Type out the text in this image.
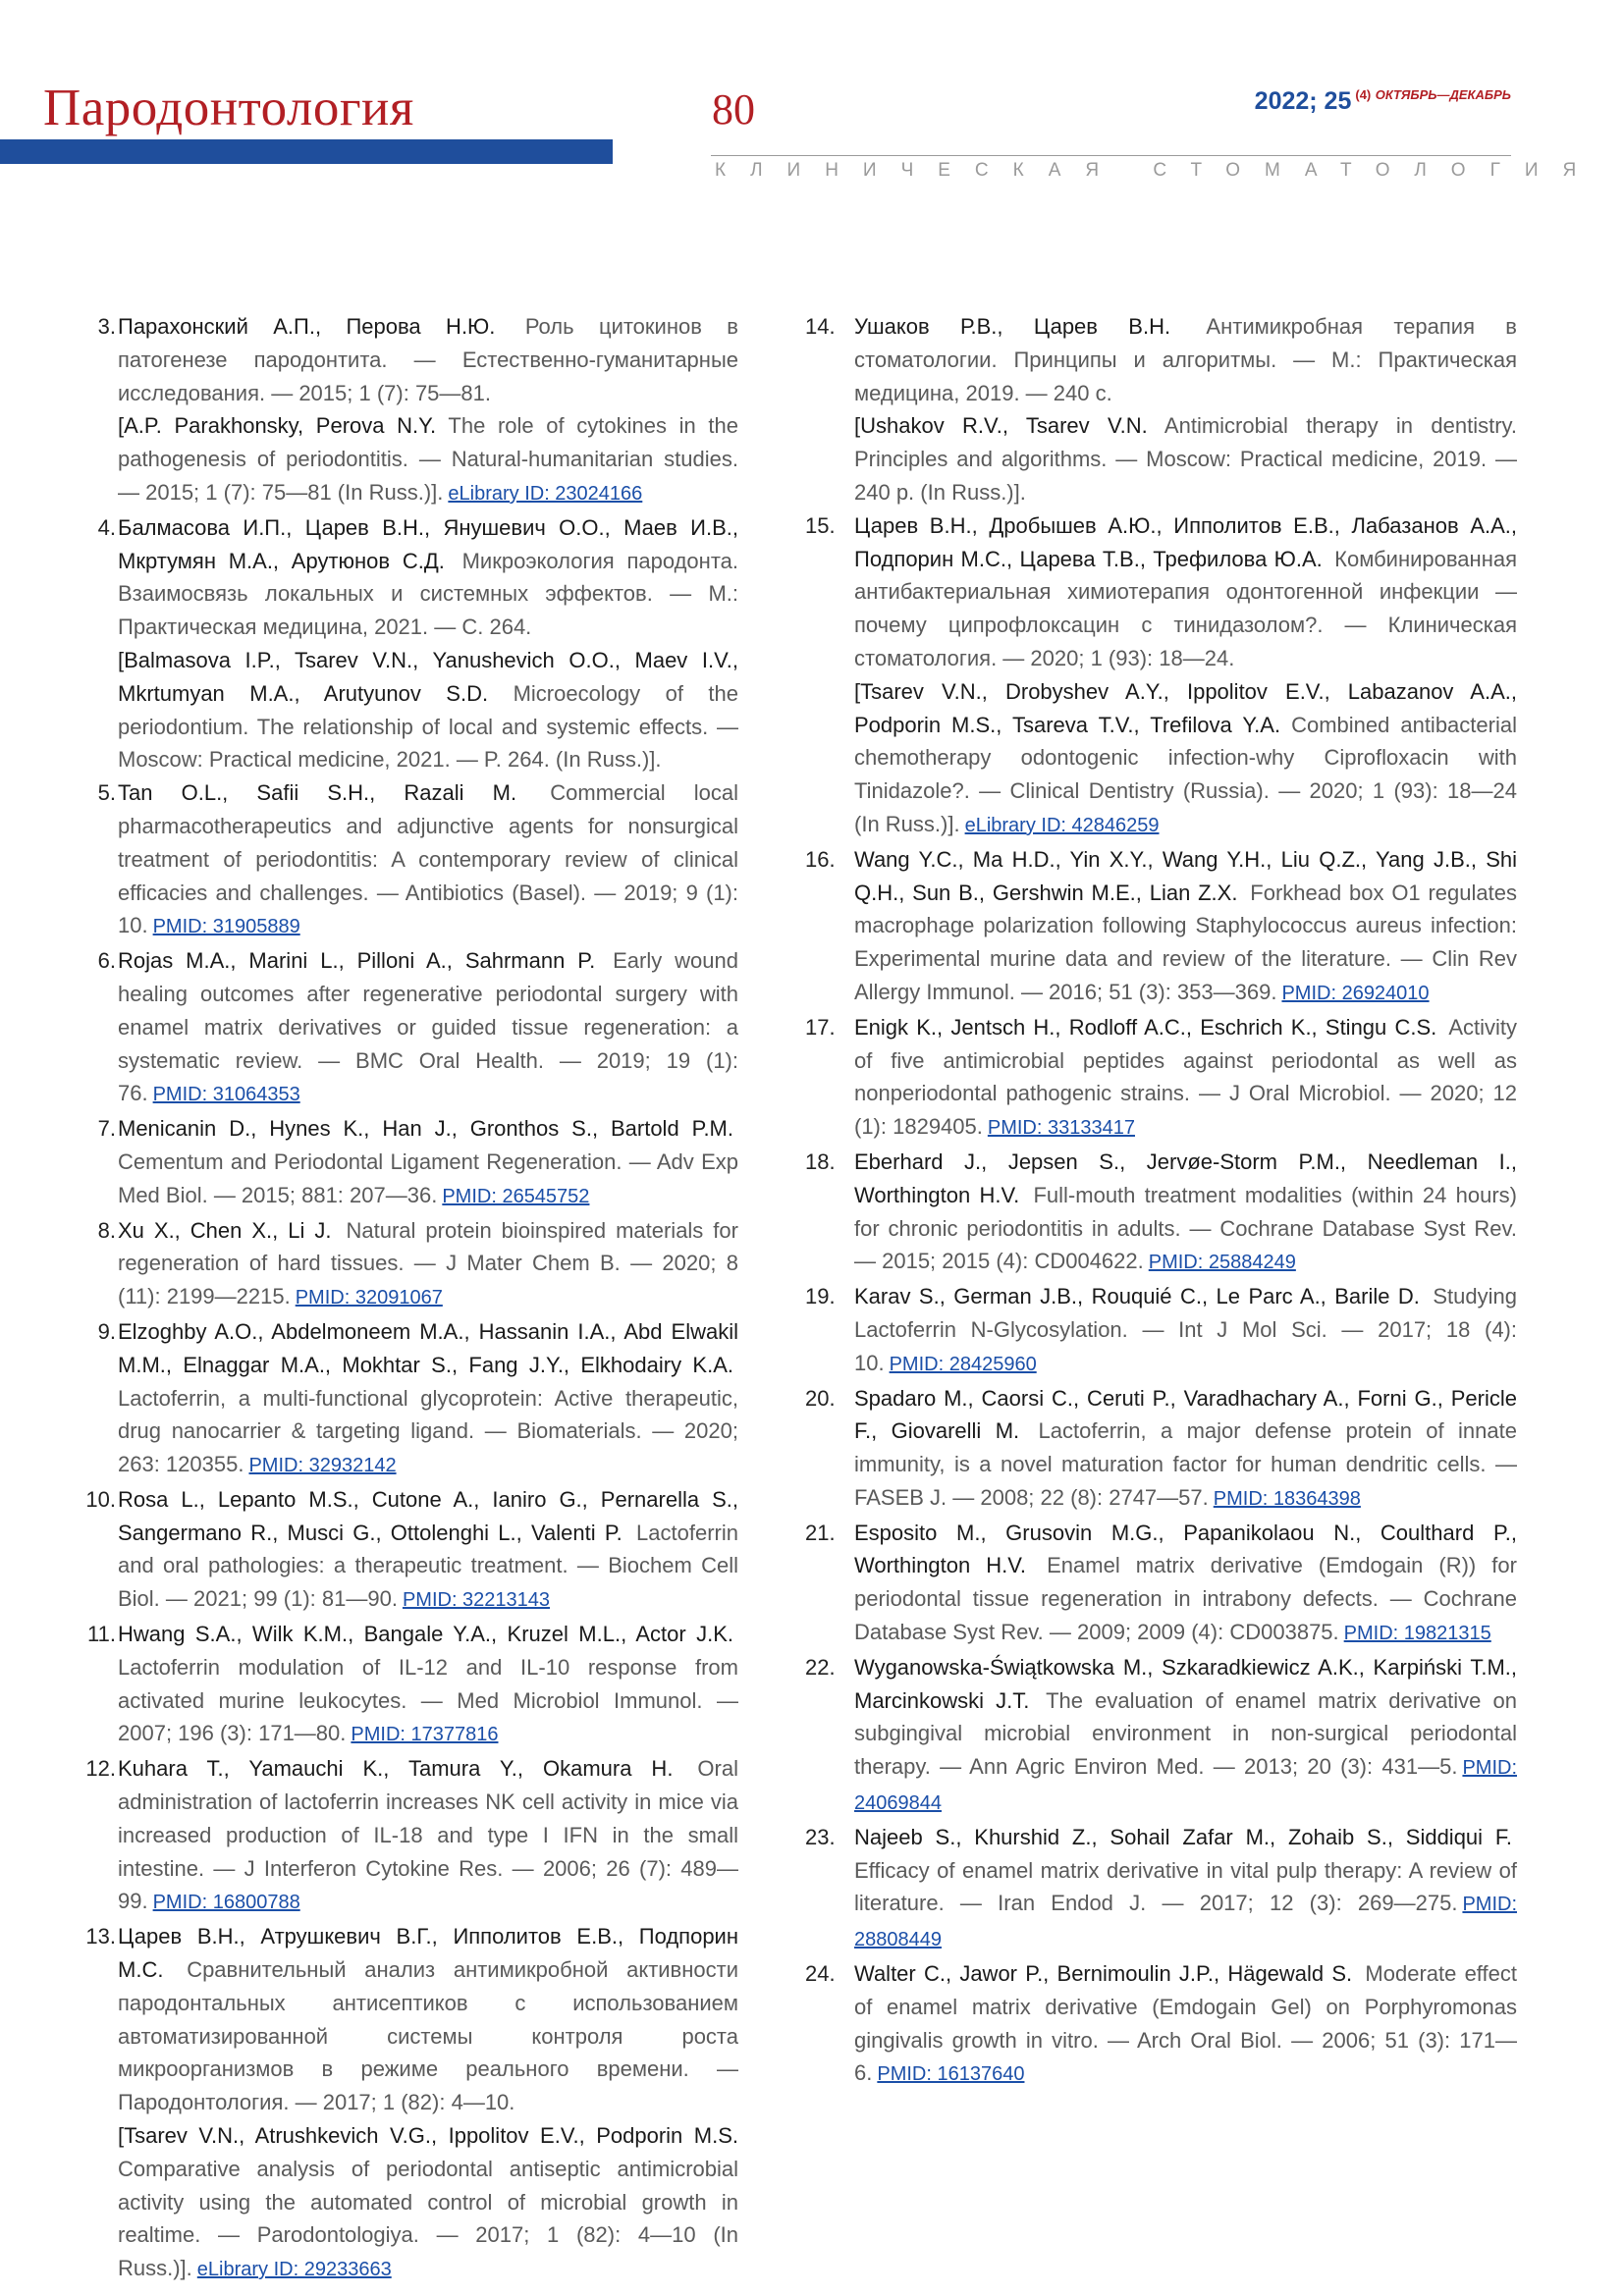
Пародонтология	80	2022; 25 $^{(4)}$ $^{ОКТЯБРЬ—ДЕКАБРЬ}$
КЛИНИЧЕСКАЯ СТОМАТОЛОГИЯ

3. Парахонский А.П., Перова Н.Ю. Роль цитокинов в патогенезе пародонтита. — Естественно-гуманитарные исследования. — 2015; 1 (7): 75—81.
[A.P. Parakhonsky, Perova N.Y. The role of cytokines in the pathogenesis of periodontitis. — Natural-humanitarian studies. — 2015; 1 (7): 75—81 (In Russ.)]. eLibrary ID: 23024166

4. Балмасова И.П., Царев В.Н., Янушевич О.О., Маев И.В., Мкртумян М.А., Арутюнов С.Д. Микроэкология пародонта. Взаимосвязь локальных и системных эффектов. — М.: Практическая медицина, 2021. — С. 264.
[Balmasova I.P., Tsarev V.N., Yanushevich O.O., Maev I.V., Mkrtumyan M.A., Arutyunov S.D. Microecology of the periodontium. The relationship of local and systemic effects. — Moscow: Practical medicine, 2021. — P. 264. (In Russ.)].

5. Tan O.L., Safii S.H., Razali M. Commercial local pharmacotherapeutics and adjunctive agents for nonsurgical treatment of periodontitis: A contemporary review of clinical efficacies and challenges. — Antibiotics (Basel). — 2019; 9 (1): 10. PMID: 31905889

6. Rojas M.A., Marini L., Pilloni A., Sahrmann P. Early wound healing outcomes after regenerative periodontal surgery with enamel matrix derivatives or guided tissue regeneration: a systematic review. — BMC Oral Health. — 2019; 19 (1): 76. PMID: 31064353

7. Menicanin D., Hynes K., Han J., Gronthos S., Bartold P.M. Cementum and Periodontal Ligament Regeneration. — Adv Exp Med Biol. — 2015; 881: 207—36. PMID: 26545752

8. Xu X., Chen X., Li J. Natural protein bioinspired materials for regeneration of hard tissues. — J Mater Chem B. — 2020; 8 (11): 2199—2215. PMID: 32091067

9. Elzoghby A.O., Abdelmoneem M.A., Hassanin I.A., Abd Elwakil M.M., Elnaggar M.A., Mokhtar S., Fang J.Y., Elkhodairy K.A. Lactoferrin, a multi-functional glycoprotein: Active therapeutic, drug nanocarrier & targeting ligand. — Biomaterials. — 2020; 263: 120355. PMID: 32932142

10. Rosa L., Lepanto M.S., Cutone A., Ianiro G., Pernarella S., Sangermano R., Musci G., Ottolenghi L., Valenti P. Lactoferrin and oral pathologies: a therapeutic treatment. — Biochem Cell Biol. — 2021; 99 (1): 81—90. PMID: 32213143

11. Hwang S.A., Wilk K.M., Bangale Y.A., Kruzel M.L., Actor J.K. Lactoferrin modulation of IL-12 and IL-10 response from activated murine leukocytes. — Med Microbiol Immunol. — 2007; 196 (3): 171—80. PMID: 17377816

12. Kuhara T., Yamauchi K., Tamura Y., Okamura H. Oral administration of lactoferrin increases NK cell activity in mice via increased production of IL-18 and type I IFN in the small intestine. — J Interferon Cytokine Res. — 2006; 26 (7): 489—99. PMID: 16800788

13. Царев В.Н., Атрушкевич В.Г., Ипполитов Е.В., Подпорин М.С. Сравнительный анализ антимикробной активности пародонтальных антисептиков с использованием автоматизированной системы контроля роста микроорганизмов в режиме реального времени. — Пародонтология. — 2017; 1 (82): 4—10.
[Tsarev V.N., Atrushkevich V.G., Ippolitov E.V., Podporin M.S. Comparative analysis of periodontal antiseptic antimicrobial activity using the automated control of microbial growth in realtime. — Parodontologiya. — 2017; 1 (82): 4—10 (In Russ.)]. eLibrary ID: 29233663

14. Ушаков Р.В., Царев В.Н. Антимикробная терапия в стоматологии. Принципы и алгоритмы. — М.: Практическая медицина, 2019. — 240 с.
[Ushakov R.V., Tsarev V.N. Antimicrobial therapy in dentistry. Principles and algorithms. — Moscow: Practical medicine, 2019. — 240 p. (In Russ.)].

15. Царев В.Н., Дробышев А.Ю., Ипполитов Е.В., Лабазанов А.А., Подпорин М.С., Царева Т.В., Трефилова Ю.А. Комбинированная антибактериальная химиотерапия одонтогенной инфекции — почему ципрофлоксацин с тинидазолом?. — Клиническая стоматология. — 2020; 1 (93): 18—24.
[Tsarev V.N., Drobyshev A.Y., Ippolitov E.V., Labazanov A.A., Podporin M.S., Tsareva T.V., Trefilova Y.A. Combined antibacterial chemotherapy odontogenic infection-why Ciprofloxacin with Tinidazole?. — Clinical Dentistry (Russia). — 2020; 1 (93): 18—24 (In Russ.)]. eLibrary ID: 42846259

16. Wang Y.C., Ma H.D., Yin X.Y., Wang Y.H., Liu Q.Z., Yang J.B., Shi Q.H., Sun B., Gershwin M.E., Lian Z.X. Forkhead box O1 regulates macrophage polarization following Staphylococcus aureus infection: Experimental murine data and review of the literature. — Clin Rev Allergy Immunol. — 2016; 51 (3): 353—369. PMID: 26924010

17. Enigk K., Jentsch H., Rodloff A.C., Eschrich K., Stingu C.S. Activity of five antimicrobial peptides against periodontal as well as nonperiodontal pathogenic strains. — J Oral Microbiol. — 2020; 12 (1): 1829405. PMID: 33133417

18. Eberhard J., Jepsen S., Jervøe-Storm P.M., Needleman I., Worthington H.V. Full-mouth treatment modalities (within 24 hours) for chronic periodontitis in adults. — Cochrane Database Syst Rev. — 2015; 2015 (4): CD004622. PMID: 25884249

19. Karav S., German J.B., Rouquié C., Le Parc A., Barile D. Studying Lactoferrin N-Glycosylation. — Int J Mol Sci. — 2017; 18 (4): 10. PMID: 28425960

20. Spadaro M., Caorsi C., Ceruti P., Varadhachary A., Forni G., Pericle F., Giovarelli M. Lactoferrin, a major defense protein of innate immunity, is a novel maturation factor for human dendritic cells. — FASEB J. — 2008; 22 (8): 2747—57. PMID: 18364398

21. Esposito M., Grusovin M.G., Papanikolaou N., Coulthard P., Worthington H.V. Enamel matrix derivative (Emdogain (R)) for periodontal tissue regeneration in intrabony defects. — Cochrane Database Syst Rev. — 2009; 2009 (4): CD003875. PMID: 19821315

22. Wyganowska-Świątkowska M., Szkaradkiewicz A.K., Karpiński T.M., Marcinkowski J.T. The evaluation of enamel matrix derivative on subgingival microbial environment in non-surgical periodontal therapy. — Ann Agric Environ Med. — 2013; 20 (3): 431—5. PMID: 24069844

23. Najeeb S., Khurshid Z., Sohail Zafar M., Zohaib S., Siddiqui F. Efficacy of enamel matrix derivative in vital pulp therapy: A review of literature. — Iran Endod J. — 2017; 12 (3): 269—275. PMID: 28808449

24. Walter C., Jawor P., Bernimoulin J.P., Hägewald S. Moderate effect of enamel matrix derivative (Emdogain Gel) on Porphyromonas gingivalis growth in vitro. — Arch Oral Biol. — 2006; 51 (3): 171—6. PMID: 16137640
